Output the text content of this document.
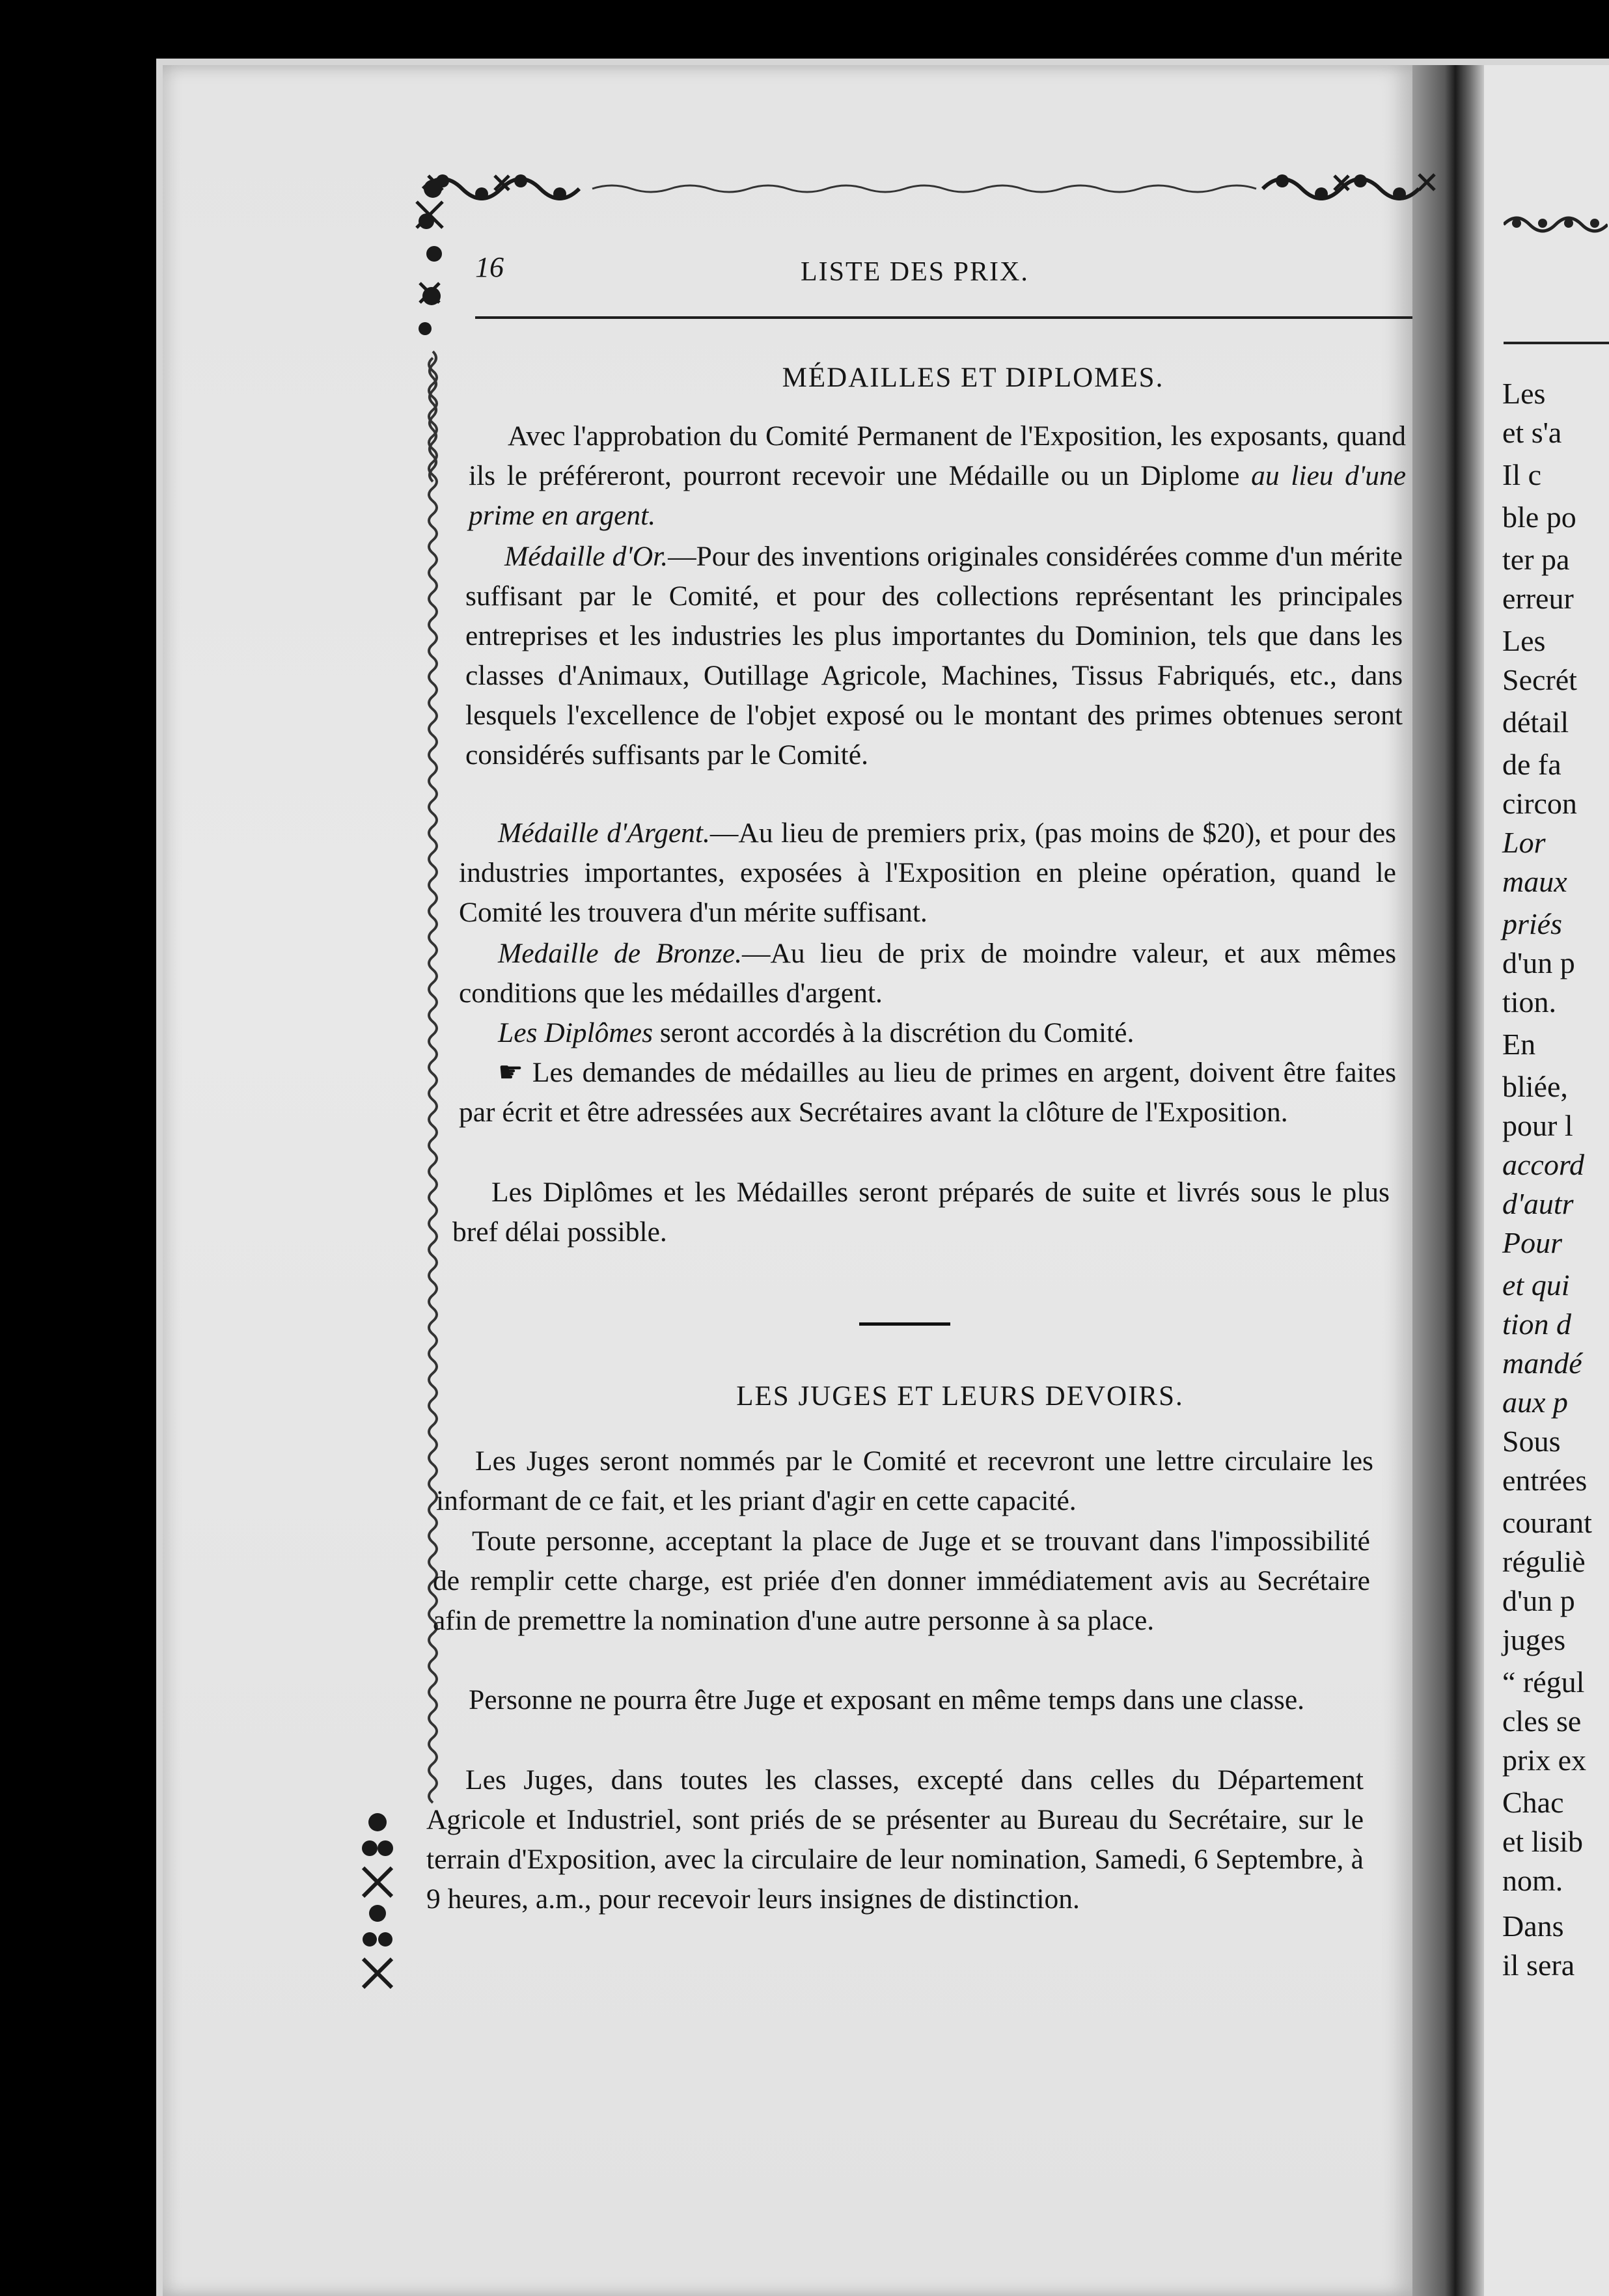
Les
et s'a
Il c
ble po
ter pa
erreur
Les
Secrét
détail
de fa
circon
Lor
maux
priés
d'un p
tion.
En
bliée,
pour l
accord
d'autr
Pour
et qui
tion d
mandé
aux p
Sous
entrées
courant
réguliè
d'un p
juges
“ régul
cles se
prix ex
Chac
et lisib
nom.
Dans
il sera
16	LISTE DES PRIX.
MÉDAILLES ET DIPLOMES.

Avec l'approbation du Comité Permanent de l'Exposition, les exposants, quand ils le préféreront, pourront recevoir une Médaille ou un Diplome au lieu d'une prime en argent.

Médaille d'Or.—Pour des inventions originales considérées comme d'un mérite suffisant par le Comité, et pour des collections représentant les principales entreprises et les industries les plus importantes du Dominion, tels que dans les classes d'Animaux, Outillage Agricole, Machines, Tissus Fabriqués, etc., dans lesquels l'excellence de l'objet exposé ou le montant des primes obtenues seront considérés suffisants par le Comité.

Médaille d'Argent.—Au lieu de premiers prix, (pas moins de $20), et pour des industries importantes, exposées à l'Exposition en pleine opération, quand le Comité les trouvera d'un mérite suffisant.

Medaille de Bronze.—Au lieu de prix de moindre valeur, et aux mêmes conditions que les médailles d'argent.

Les Diplômes seront accordés à la discrétion du Comité.

☛ Les demandes de médailles au lieu de primes en argent, doivent être faites par écrit et être adressées aux Secrétaires avant la clôture de l'Exposition.

Les Diplômes et les Médailles seront préparés de suite et livrés sous le plus bref délai possible.

LES JUGES ET LEURS DEVOIRS.

Les Juges seront nommés par le Comité et recevront une lettre circulaire les informant de ce fait, et les priant d'agir en cette capacité.

Toute personne, acceptant la place de Juge et se trouvant dans l'impossibilité de remplir cette charge, est priée d'en donner immédiatement avis au Secrétaire afin de premettre la nomination d'une autre personne à sa place.

Personne ne pourra être Juge et exposant en même temps dans une classe.

Les Juges, dans toutes les classes, excepté dans celles du Département Agricole et Industriel, sont priés de se présenter au Bureau du Secrétaire, sur le terrain d'Exposition, avec la circulaire de leur nomination, Samedi, 6 Septembre, à 9 heures, a.m., pour recevoir leurs insignes de distinction.
